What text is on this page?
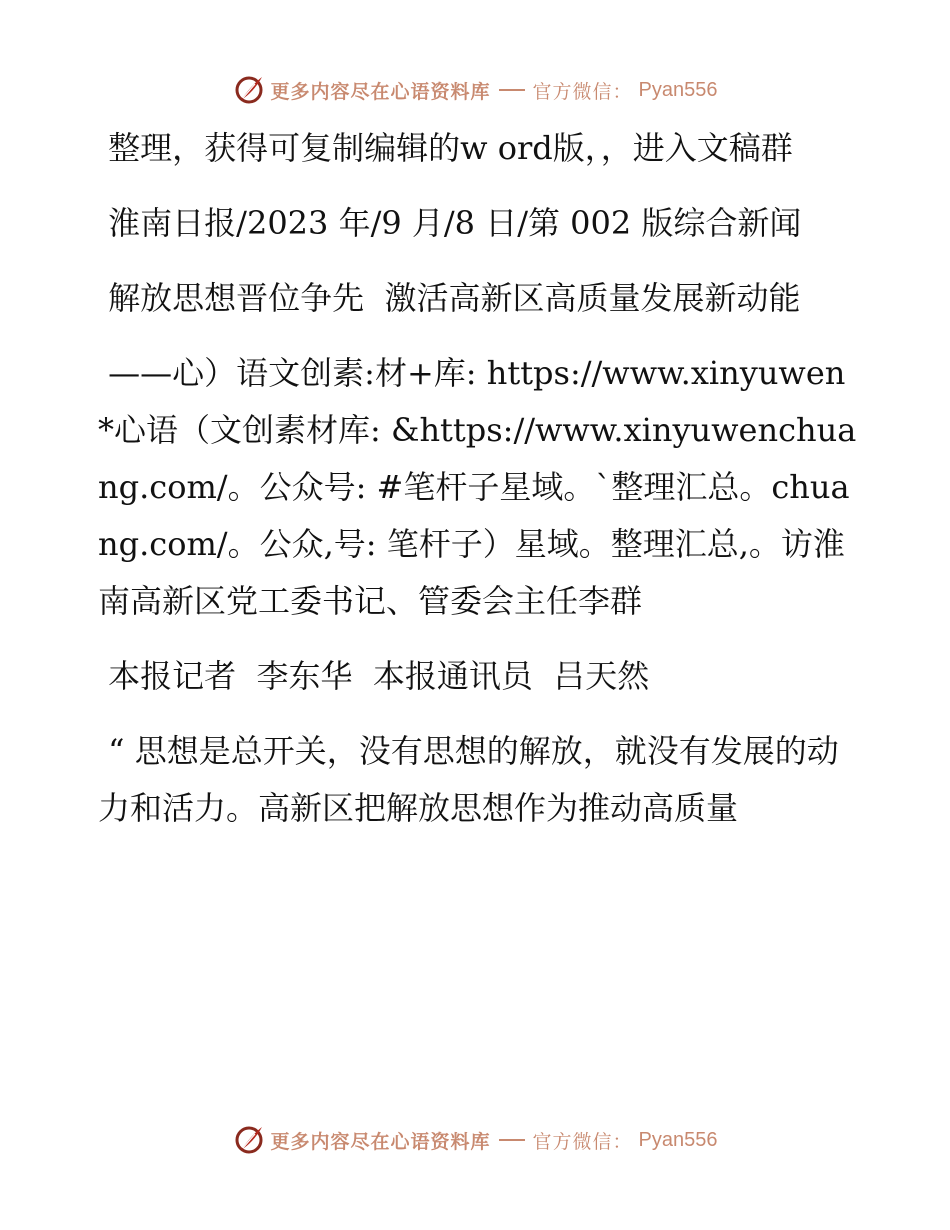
更多内容尽在心语资料库 官方微信： Pyan556

整理，获得可复制编辑的w ord版，，进入文稿群

淮南日报/2023 年/9 月/8 日/第 002 版综合新闻

解放思想晋位争先  激活高新区高质量发展新动能

——心）语文创素:材+库: https://www.xinyuwen*心语（文创素材库: &https://www.xinyuwenchuang.com/。公众号: #笔杆子星域。`整理汇总。chuang.com/。公众,号: 笔杆子）星域。整理汇总,。访淮南高新区党工委书记、管委会主任李群

本报记者  李东华  本报通讯员  吕天然

“ 思想是总开关，没有思想的解放，就没有发展的动力和活力。高新区把解放思想作为推动高质量

更多内容尽在心语资料库 官方微信： Pyan556
